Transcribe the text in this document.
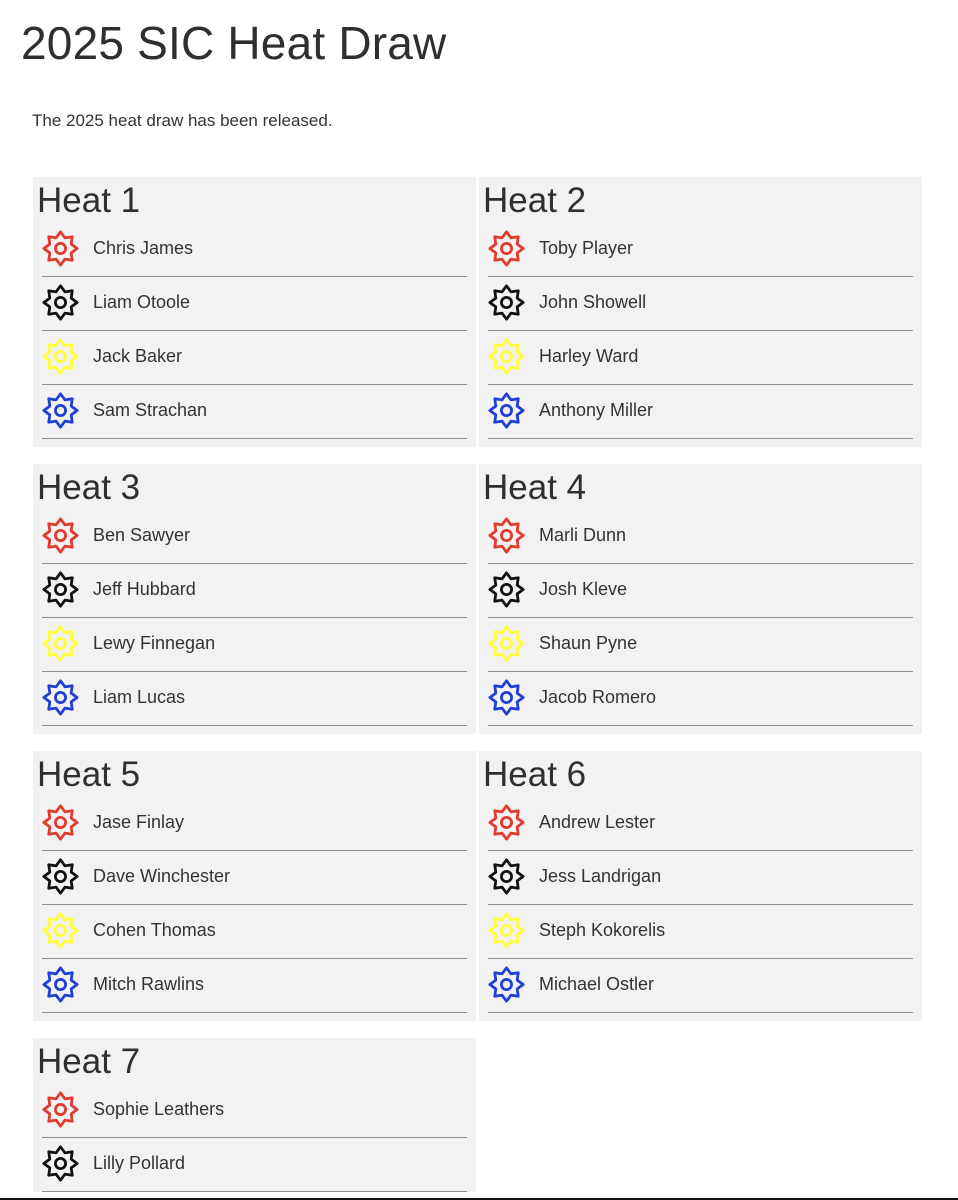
2025 SIC Heat Draw

The 2025 heat draw has been released.

Heat 1
Chris James
Liam Otoole
Jack Baker
Sam Strachan
Heat 2
Toby Player
John Showell
Harley Ward
Anthony Miller
Heat 3
Ben Sawyer
Jeff Hubbard
Lewy Finnegan
Liam Lucas
Heat 4
Marli Dunn
Josh Kleve
Shaun Pyne
Jacob Romero
Heat 5
Jase Finlay
Dave Winchester
Cohen Thomas
Mitch Rawlins
Heat 6
Andrew Lester
Jess Landrigan
Steph Kokorelis
Michael Ostler
Heat 7
Sophie Leathers
Lilly Pollard
